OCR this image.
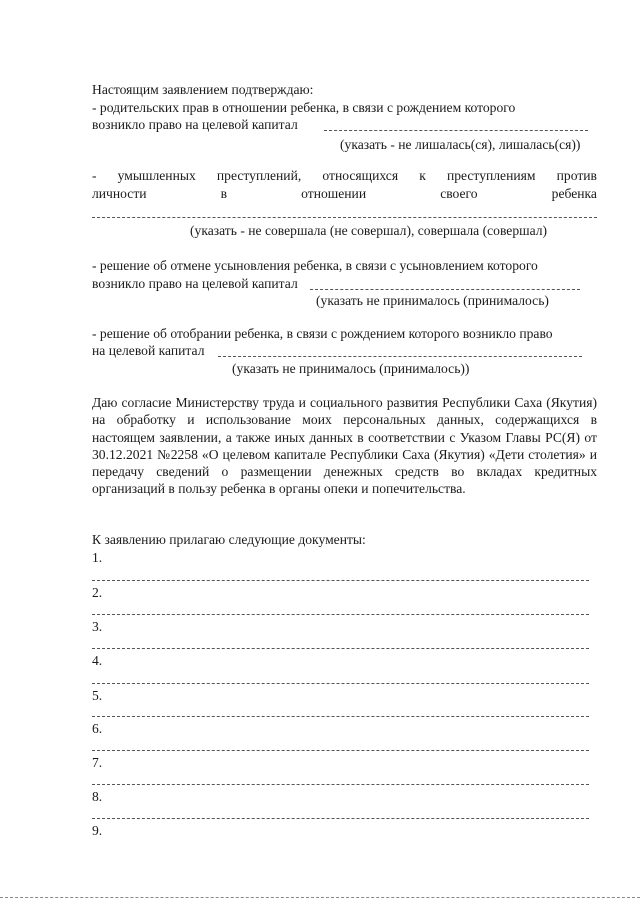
Настоящим заявлением подтверждаю:
- родительских прав в отношении ребенка, в связи с рождением которого
возникло право на целевой капитал
(указать - не лишалась(ся), лишалась(ся))
- умышленных преступлений, относящихся к преступлениям против
личности	в	отношении	своего	ребенка
(указать - не совершала (не совершал), совершала (совершал)
- решение об отмене усыновления ребенка, в связи с усыновлением которого
возникло право на целевой капитал
(указать не принималось (принималось)
- решение об отобрании ребенка, в связи с рождением которого возникло право
на целевой капитал
(указать не принималось (принималось))
Даю согласие Министерству труда и социального развития Республики Саха (Якутия) на обработку и использование моих персональных данных, содержащихся в настоящем заявлении, а также иных данных в соответствии с Указом Главы РС(Я) от 30.12.2021 №2258 «О целевом капитале Республики Саха (Якутия) «Дети столетия» и передачу сведений о размещении денежных средств во вкладах кредитных организаций в пользу ребенка в органы опеки и попечительства.
К заявлению прилагаю следующие документы:
1.
2.
3.
4.
5.
6.
7.
8.
9.
